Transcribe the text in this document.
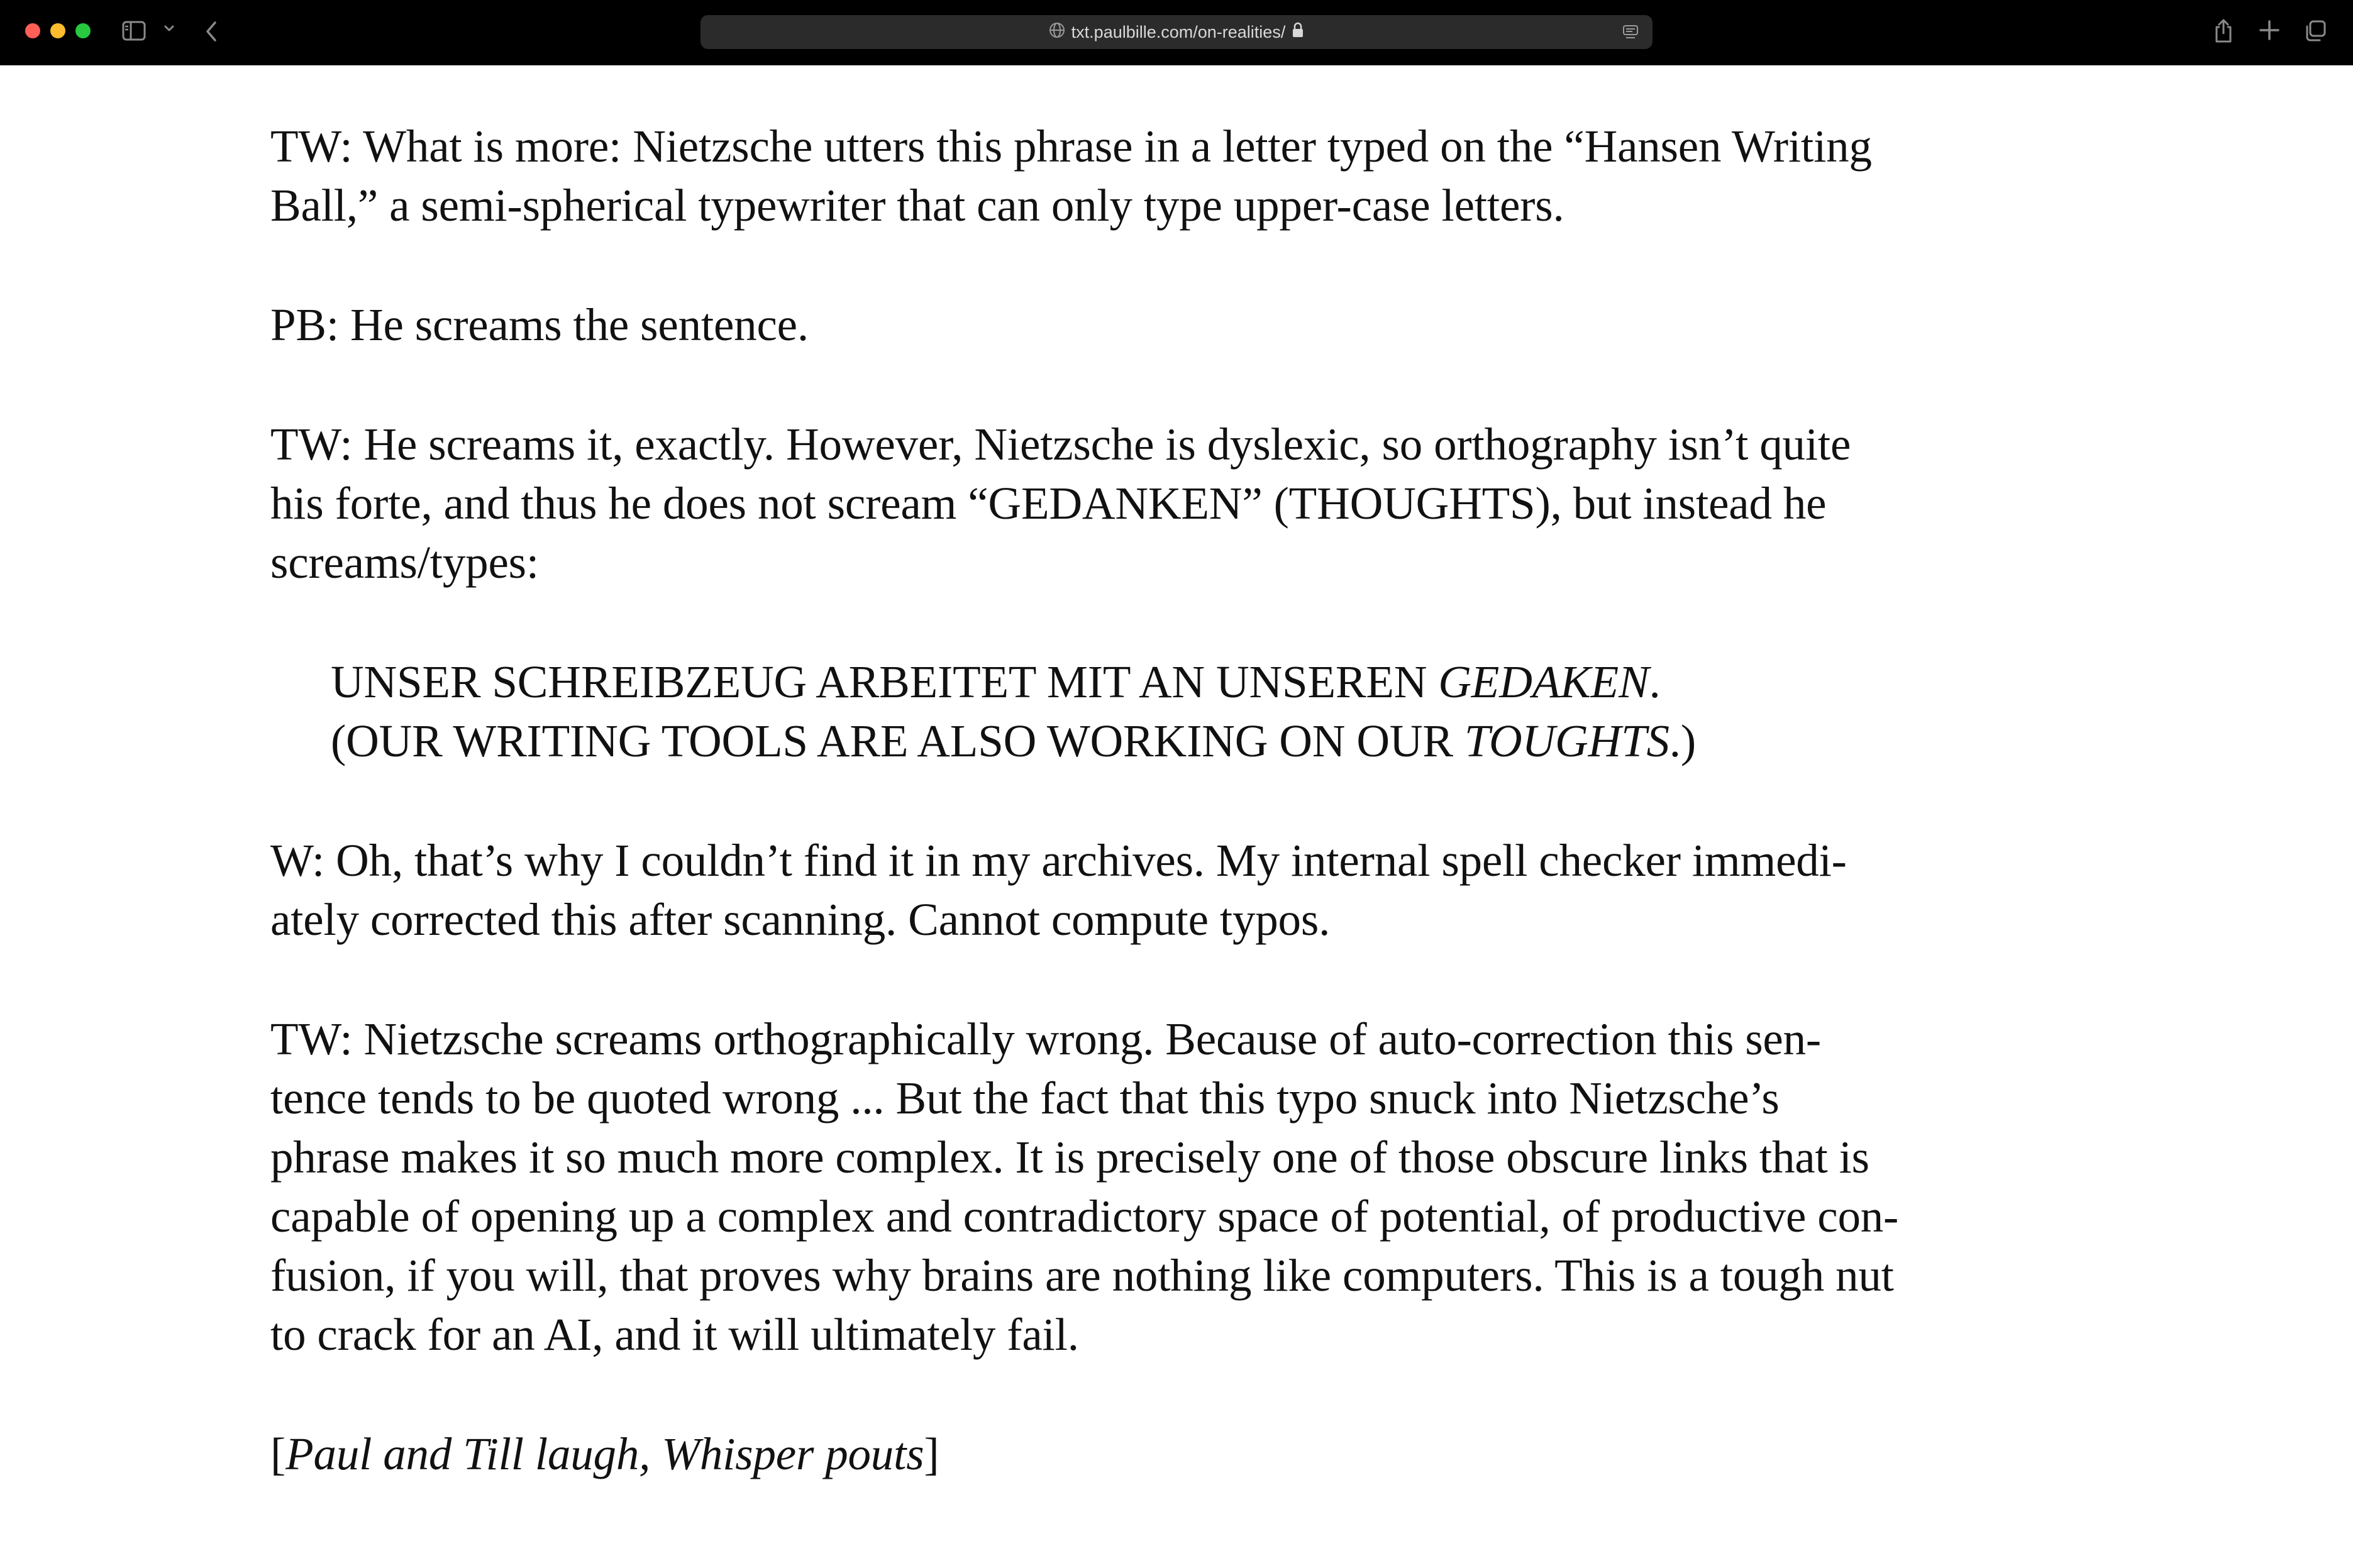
txt.paulbille.com/on-realities/

TW: What is more: Nietzsche utters this phrase in a letter typed on the “Hansen Writing
Ball,” a semi-spherical typewriter that can only type upper-case letters.

PB: He screams the sentence.

TW: He screams it, exactly. However, Nietzsche is dyslexic, so orthography isn’t quite
his forte, and thus he does not scream “GEDANKEN” (THOUGHTS), but instead he
screams/types:

UNSER SCHREIBZEUG ARBEITET MIT AN UNSEREN GEDAKEN.
(OUR WRITING TOOLS ARE ALSO WORKING ON OUR TOUGHTS.)

W: Oh, that’s why I couldn’t find it in my archives. My internal spell checker immedi-
ately corrected this after scanning. Cannot compute typos.

TW: Nietzsche screams orthographically wrong. Because of auto-correction this sen-
tence tends to be quoted wrong ... But the fact that this typo snuck into Nietzsche’s
phrase makes it so much more complex. It is precisely one of those obscure links that is
capable of opening up a complex and contradictory space of potential, of productive con-
fusion, if you will, that proves why brains are nothing like computers. This is a tough nut
to crack for an AI, and it will ultimately fail.

[Paul and Till laugh, Whisper pouts]
